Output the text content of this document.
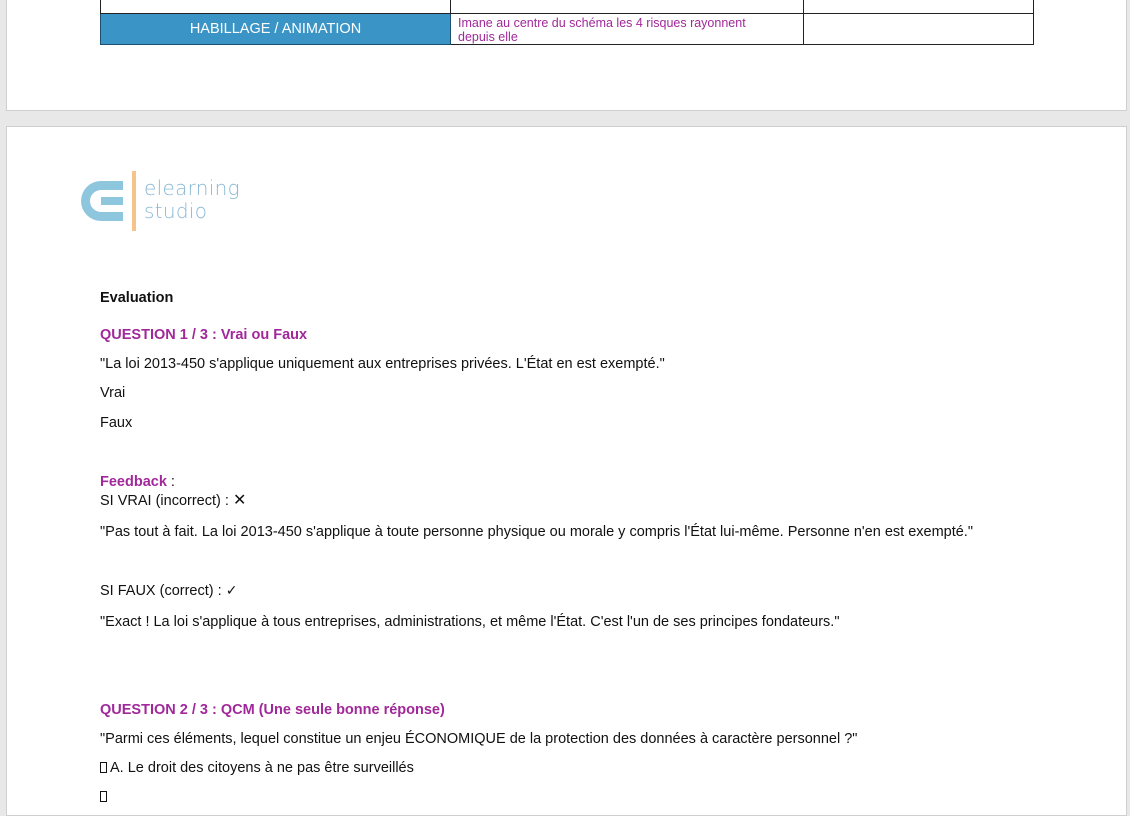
HABILLAGE / ANIMATION	Imane au centre du schéma les 4 risques rayonnent
depuis elle	

elearning
studio
Evaluation
QUESTION 1 / 3 : Vrai ou Faux
"La loi 2013-450 s'applique uniquement aux entreprises privées. L'État en est exempté."
Vrai
Faux
Feedback :
SI VRAI (incorrect) : ✕
"Pas tout à fait. La loi 2013-450 s'applique à toute personne physique ou morale y compris l'État lui-même. Personne n'en est exempté."
SI FAUX (correct) : ✓
"Exact ! La loi s'applique à tous entreprises, administrations, et même l'État. C'est l'un de ses principes fondateurs."
QUESTION 2 / 3 : QCM (Une seule bonne réponse)
"Parmi ces éléments, lequel constitue un enjeu ÉCONOMIQUE de la protection des données à caractère personnel ?"
A. Le droit des citoyens à ne pas être surveillés
